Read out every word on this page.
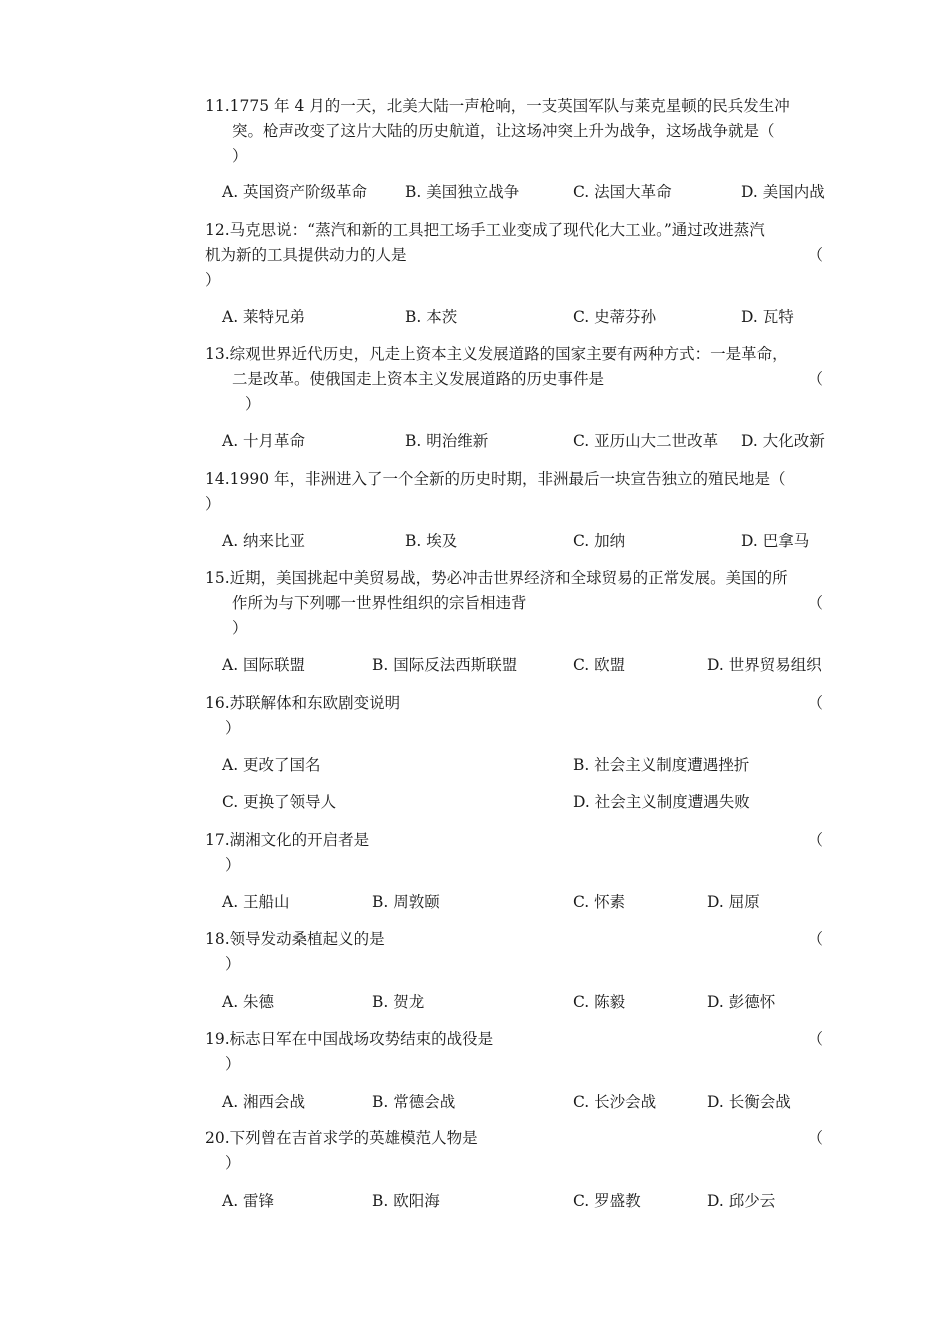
11.1775 年 4 月的一天，北美大陆一声枪响，一支英国军队与莱克星顿的民兵发生冲
突。枪声改变了这片大陆的历史航道，让这场冲突上升为战争，这场战争就是（
）
A. 英国资产阶级革命 B. 美国独立战争	C. 法国大革命	D. 美国内战
12.马克思说：“蒸汽和新的工具把工场手工业变成了现代化大工业。”通过改进蒸汽
机为新的工具提供动力的人是	（
）
A. 莱特兄弟	B. 本茨	C. 史蒂芬孙	D. 瓦特
13.综观世界近代历史，凡走上资本主义发展道路的国家主要有两种方式：一是革命，
二是改革。使俄国走上资本主义发展道路的历史事件是	（
）
A. 十月革命	B. 明治维新	C. 亚历山大二世改革 D. 大化改新
14.1990 年，非洲进入了一个全新的历史时期，非洲最后一块宣告独立的殖民地是（
）
A. 纳来比亚	B. 埃及	C. 加纳	D. 巴拿马
15.近期，美国挑起中美贸易战，势必冲击世界经济和全球贸易的正常发展。美国的所
作所为与下列哪一世界性组织的宗旨相违背	（
）
A. 国际联盟	B. 国际反法西斯联盟	C. 欧盟	D. 世界贸易组织
16.苏联解体和东欧剧变说明	（
）
A. 更改了国名	B. 社会主义制度遭遇挫折
C. 更换了领导人	D. 社会主义制度遭遇失败
17.湖湘文化的开启者是	（
）
A. 王船山	B. 周敦颐	C. 怀素	D. 屈原
18.领导发动桑植起义的是	（
）
A. 朱德	B. 贺龙	C. 陈毅	D. 彭德怀
19.标志日军在中国战场攻势结束的战役是	（
）
A. 湘西会战	B. 常德会战	C. 长沙会战	D. 长衡会战
20.下列曾在吉首求学的英雄模范人物是	（
）
A. 雷锋	B. 欧阳海	C. 罗盛教	D. 邱少云
